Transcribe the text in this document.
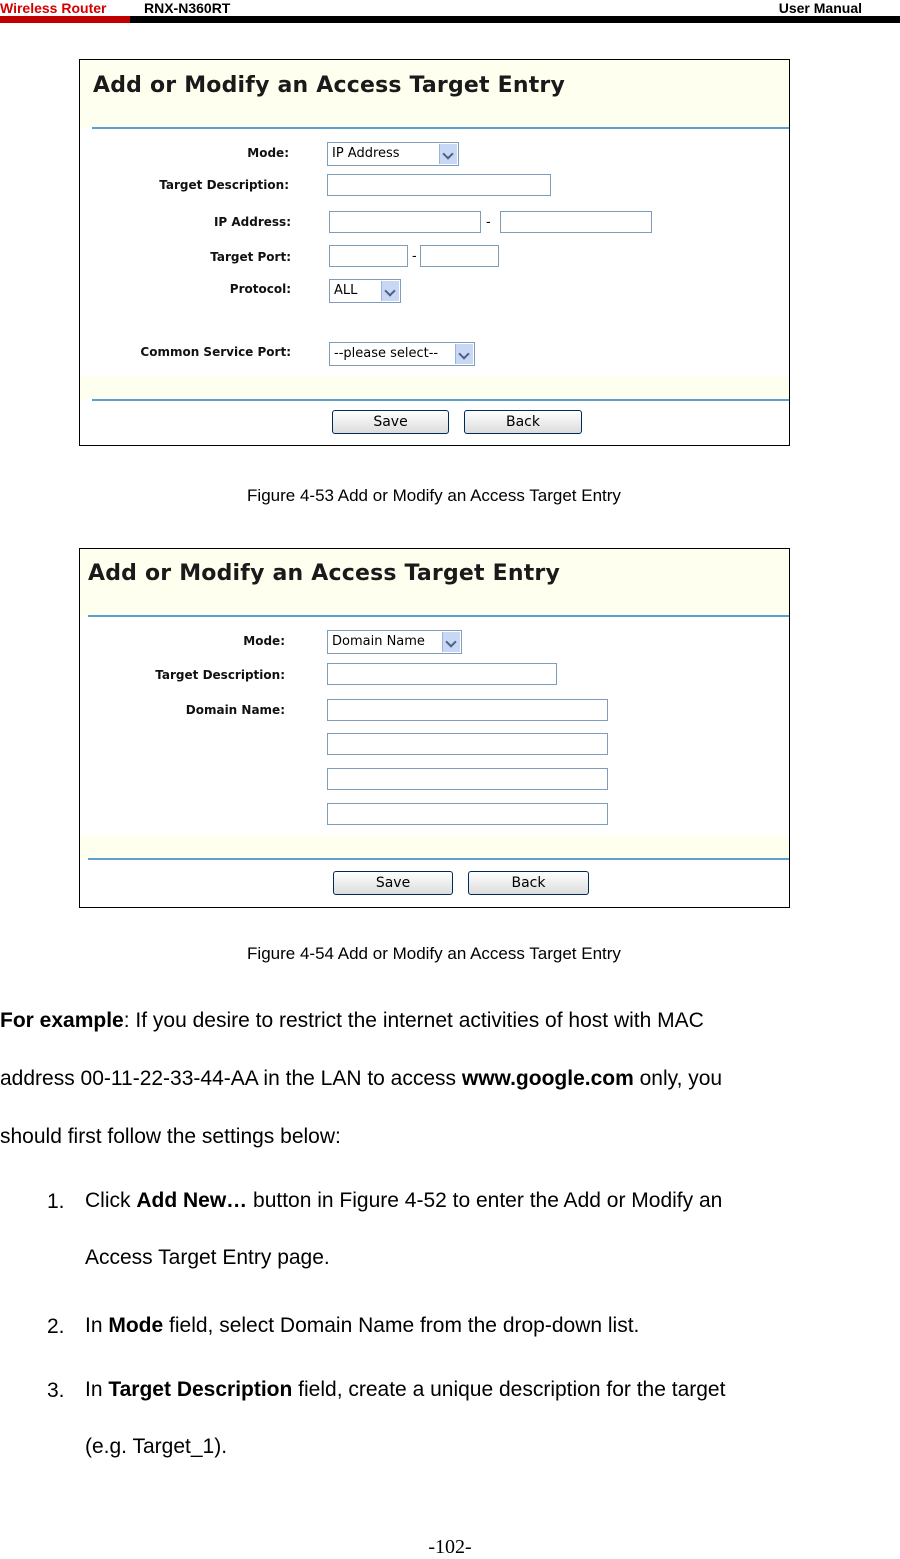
Wireless Router	RNX-N360RT	User Manual
Add or Modify an Access Target Entry
Mode:	IP Address
Target Description:
IP Address:	-
Target Port:	-
Protocol:	ALL
Common Service Port:	--please select--
Save	Back
Figure 4-53 Add or Modify an Access Target Entry
Add or Modify an Access Target Entry
Mode:	Domain Name
Target Description:
Domain Name:
Save	Back
Figure 4-54 Add or Modify an Access Target Entry
For example: If you desire to restrict the internet activities of host with MAC
address 00-11-22-33-44-AA in the LAN to access www.google.com only, you
should first follow the settings below:
1. Click Add New… button in Figure 4-52 to enter the Add or Modify an
Access Target Entry page.
2. In Mode field, select Domain Name from the drop-down list.
3. In Target Description field, create a unique description for the target
(e.g. Target_1).
-102-
